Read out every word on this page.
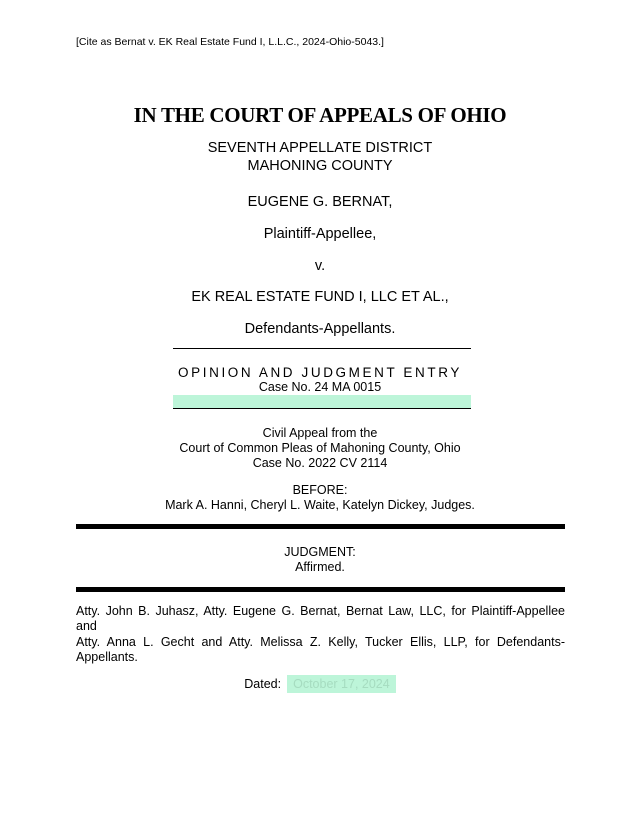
[Cite as Bernat v. EK Real Estate Fund I, L.L.C., 2024-Ohio-5043.]
IN THE COURT OF APPEALS OF OHIO
SEVENTH APPELLATE DISTRICT
MAHONING COUNTY
EUGENE G. BERNAT,
Plaintiff-Appellee,
v.
EK REAL ESTATE FUND I, LLC ET AL.,
Defendants-Appellants.
OPINION AND JUDGMENT ENTRY
Case No. 24 MA 0015
Civil Appeal from the
Court of Common Pleas of Mahoning County, Ohio
Case No. 2022 CV 2114
BEFORE:
Mark A. Hanni, Cheryl L. Waite, Katelyn Dickey, Judges.
JUDGMENT:
Affirmed.
Atty. John B. Juhasz, Atty. Eugene G. Bernat, Bernat Law, LLC, for Plaintiff-Appellee and
Atty. Anna L. Gecht and Atty. Melissa Z. Kelly, Tucker Ellis, LLP, for Defendants-Appellants.
Dated: October 17, 2024
